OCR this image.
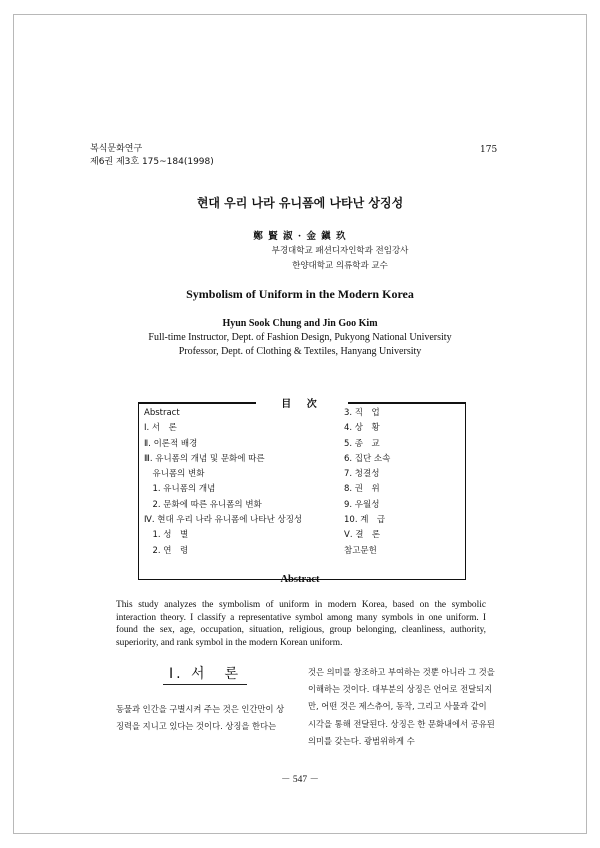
복식문화연구
제6권 제3호 175~184(1998)
175
현대 우리 나라 유니폼에 나타난 상징성
鄭 賢 淑 · 金 鎭 玖
부경대학교 패션디자인학과 전임강사
한양대학교 의류학과 교수
Symbolism of Uniform in the Modern Korea
Hyun Sook Chung and Jin Goo Kim
Full-time Instructor, Dept. of Fashion Design, Pukyong National University
Professor, Dept. of Clothing & Textiles, Hanyang University
目 次
Abstract
Ⅰ. 서　론
Ⅱ. 이론적 배경
Ⅲ. 유니폼의 개념 및 문화에 따른
　유니폼의 변화
　1. 유니폼의 개념
　2. 문화에 따른 유니폼의 변화
Ⅳ. 현대 우리 나라 유니폼에 나타난 상징성
　1. 성　별
　2. 연　령
3. 직　업
4. 상　황
5. 종　교
6. 집단 소속
7. 청결성
8. 권　위
9. 우월성
10. 계　급
Ⅴ. 결　론
참고문헌
Abstract
This study analyzes the symbolism of uniform in modern Korea, based on the symbolic interaction theory. I classify a representative symbol among many symbols in one uniform. I found the sex, age, occupation, situation, religious, group belonging, cleanliness, authority, superiority, and rank symbol in the modern Korean uniform.
Ⅰ. 서　론
동물과 인간을 구별시켜 주는 것은 인간만이 상징력을 지니고 있다는 것이다. 상징을 한다는
것은 의미를 창조하고 부여하는 것뿐 아니라 그 것을 이해하는 것이다. 대부분의 상징은 언어로 전달되지만, 어떤 것은 제스츄어, 동작, 그리고 사물과 같이 시각을 통해 전달된다. 상징은 한 문화내에서 공유된 의미를 갖는다. 광범위하게 수
－ 547 －
